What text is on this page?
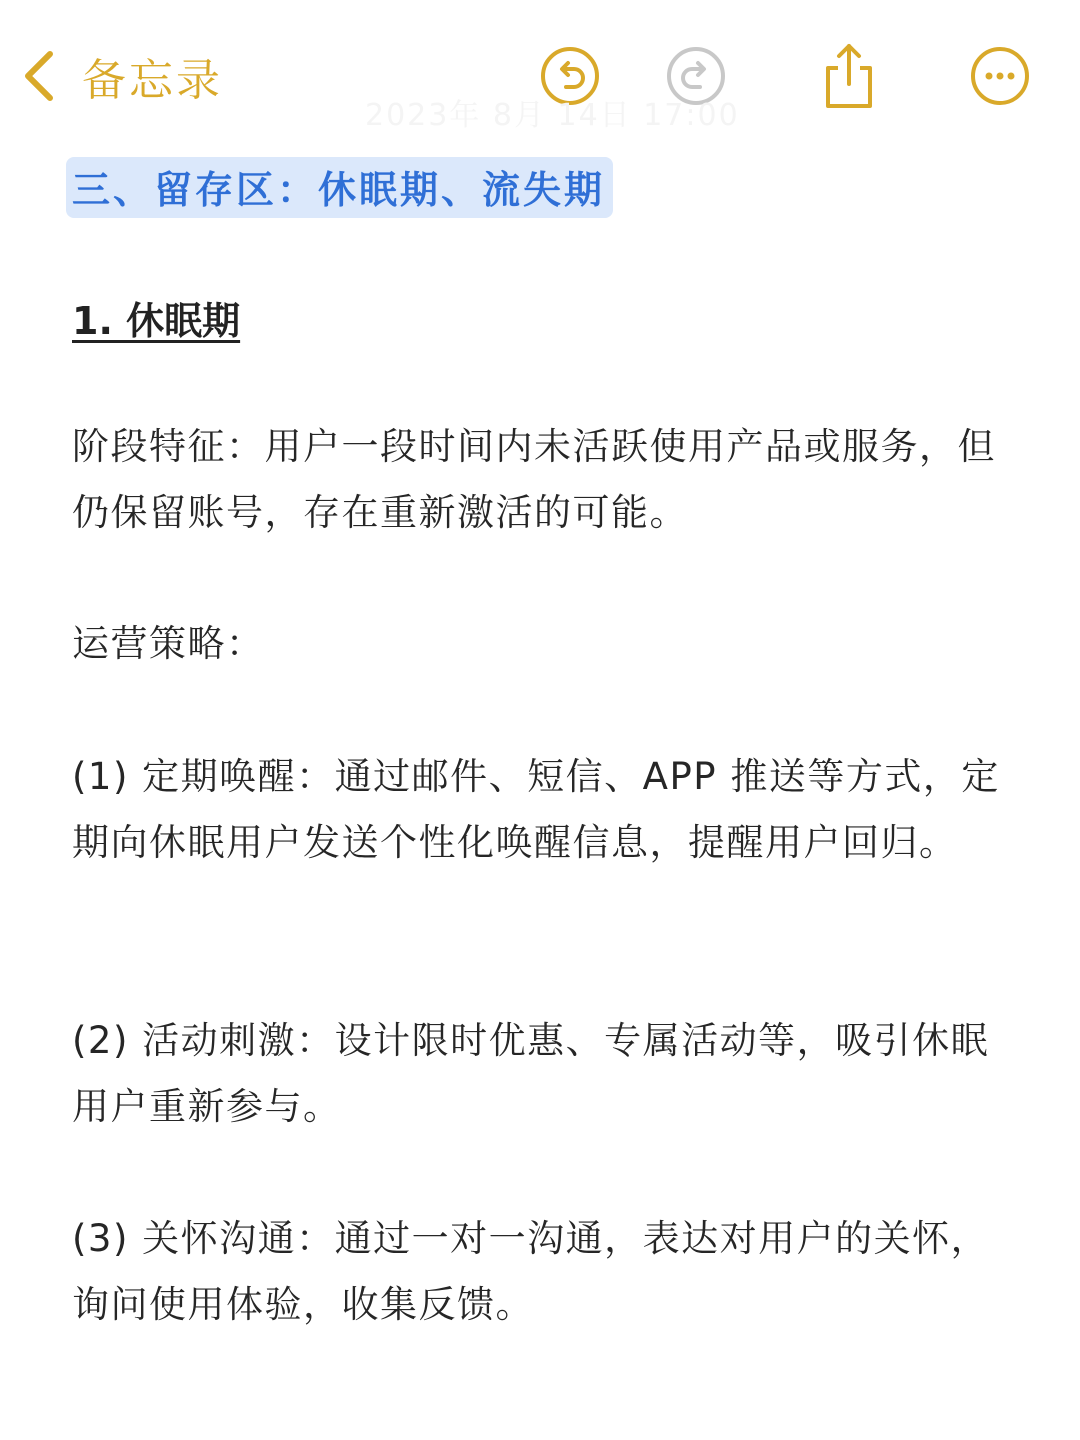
备忘录
2023年 8月 14日 17:00
三、留存区：休眠期、流失期
1. 休眠期

阶段特征：用户一段时间内未活跃使用产品或服务，但仍保留账号，存在重新激活的可能。

运营策略：

(1) 定期唤醒：通过邮件、短信、APP 推送等方式，定期向休眠用户发送个性化唤醒信息，提醒用户回归。

(2) 活动刺激：设计限时优惠、专属活动等，吸引休眠用户重新参与。

(3) 关怀沟通：通过一对一沟通，表达对用户的关怀，询问使用体验，收集反馈。
